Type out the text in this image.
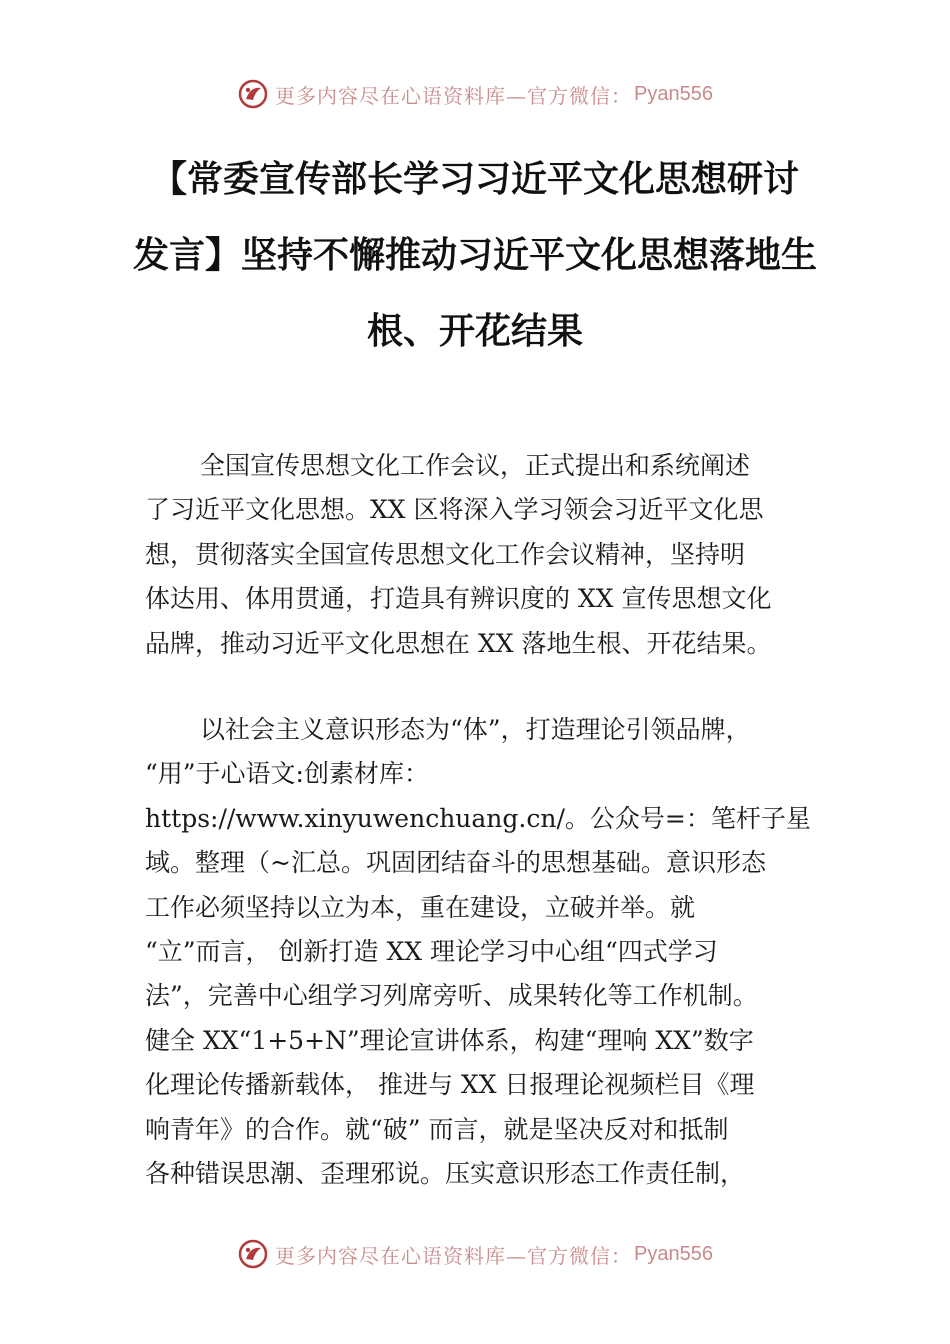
更多内容尽在心语资料库—官方微信： Pyan556
【常委宣传部长学习习近平文化思想研讨
发言】坚持不懈推动习近平文化思想落地生
根、开花结果
全国宣传思想文化工作会议，正式提出和系统阐述
了习近平文化思想。XX 区将深入学习领会习近平文化思
想，贯彻落实全国宣传思想文化工作会议精神，坚持明
体达用、体用贯通，打造具有辨识度的 XX 宣传思想文化
品牌，推动习近平文化思想在 XX 落地生根、开花结果。
以社会主义意识形态为“体”，打造理论引领品牌，
“用”于心语文:创素材库：
https://www.xinyuwenchuang.cn/。公众号=：笔杆子星
域。整理（~汇总。巩固团结奋斗的思想基础。意识形态
工作必须坚持以立为本，重在建设，立破并举。就
“立”而言， 创新打造 XX 理论学习中心组“四式学习
法”，完善中心组学习列席旁听、成果转化等工作机制。
健全 XX“1+5+N”理论宣讲体系，构建“理响 XX”数字
化理论传播新载体， 推进与 XX 日报理论视频栏目《理
响青年》的合作。就“破” 而言，就是坚决反对和抵制
各种错误思潮、歪理邪说。压实意识形态工作责任制，
更多内容尽在心语资料库—官方微信： Pyan556
